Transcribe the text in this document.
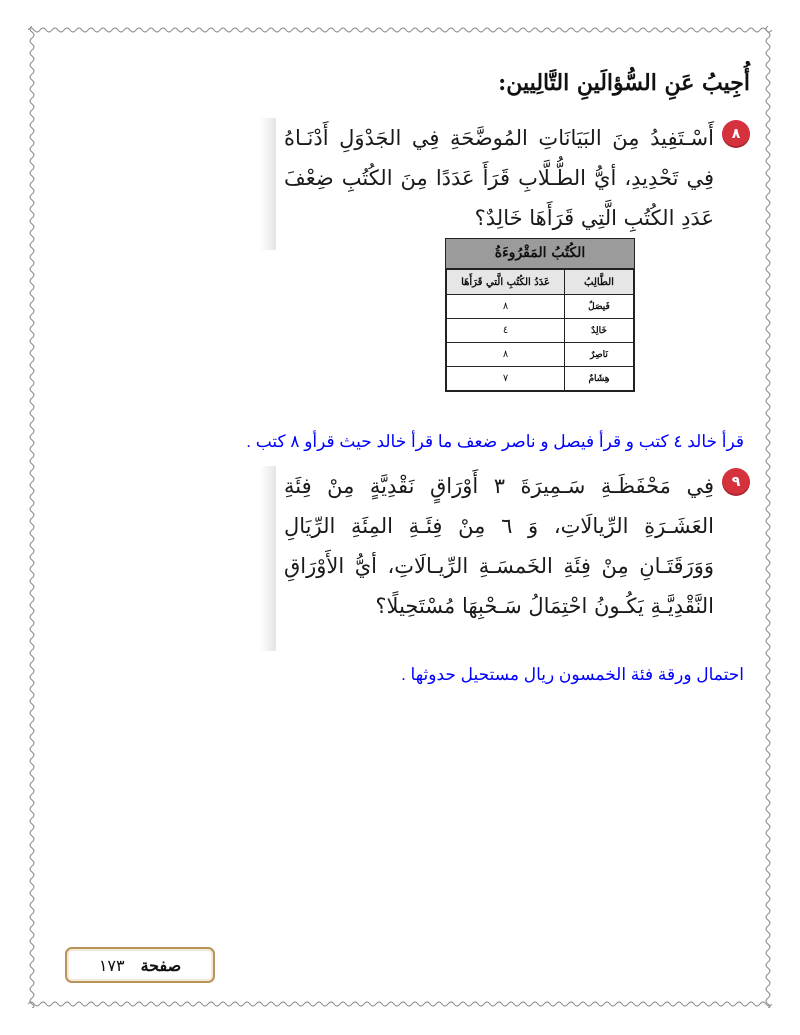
أُجِيبُ عَنِ السُّؤالَينِ التَّالِيين:
٨
أَسْـتَفِيدُ مِنَ البَيَانَاتِ المُوضَّحَةِ فِي الجَدْوَلِ أَدْنَـاهُ فِي تَحْدِيدِ، أيُّ الطُّـلَّابِ قَرَأَ عَدَدًا مِنَ الكُتُبِ ضِعْفَ عَدَدِ الكُتُبِ الَّتِي قَرَأَهَا خَالِدٌ؟
الكُتُبُ المَقْرُوءَةُ
الطَّالِبُ	عَدَدُ الكُتُبِ الَّتي قَرَأَهَا
فَيصَلٌ	٨
خَالِدٌ	٤
نَاصِرٌ	٨
هِشَامٌ	٧
قرأ خالد ٤ كتب و قرأ فيصل و ناصر ضعف ما قرأ خالد حيث قرأو ٨ كتب .
٩
فِي مَحْفَظَـةِ سَـمِيرَةَ ٣ أَوْرَاقٍ نَقْدِيَّةٍ مِنْ فِئَةِ العَشَـرَةِ الرِّيالَاتِ، وَ ٦ مِنْ فِئَـةِ المِئَةِ الرِّيَالِ وَوَرَقَتَـانِ مِنْ فِئَةِ الخَمسَـةِ الرِّيـالَاتِ، أيُّ الأَوْرَاقِ النَّقْدِيَّـةِ يَكُـونُ احْتِمَالُ سَـحْبِهَا مُسْتَحِيلًا؟
احتمال ورقة فئة الخمسون ريال مستحيل حدوثها .
صفحة
١٧٣
